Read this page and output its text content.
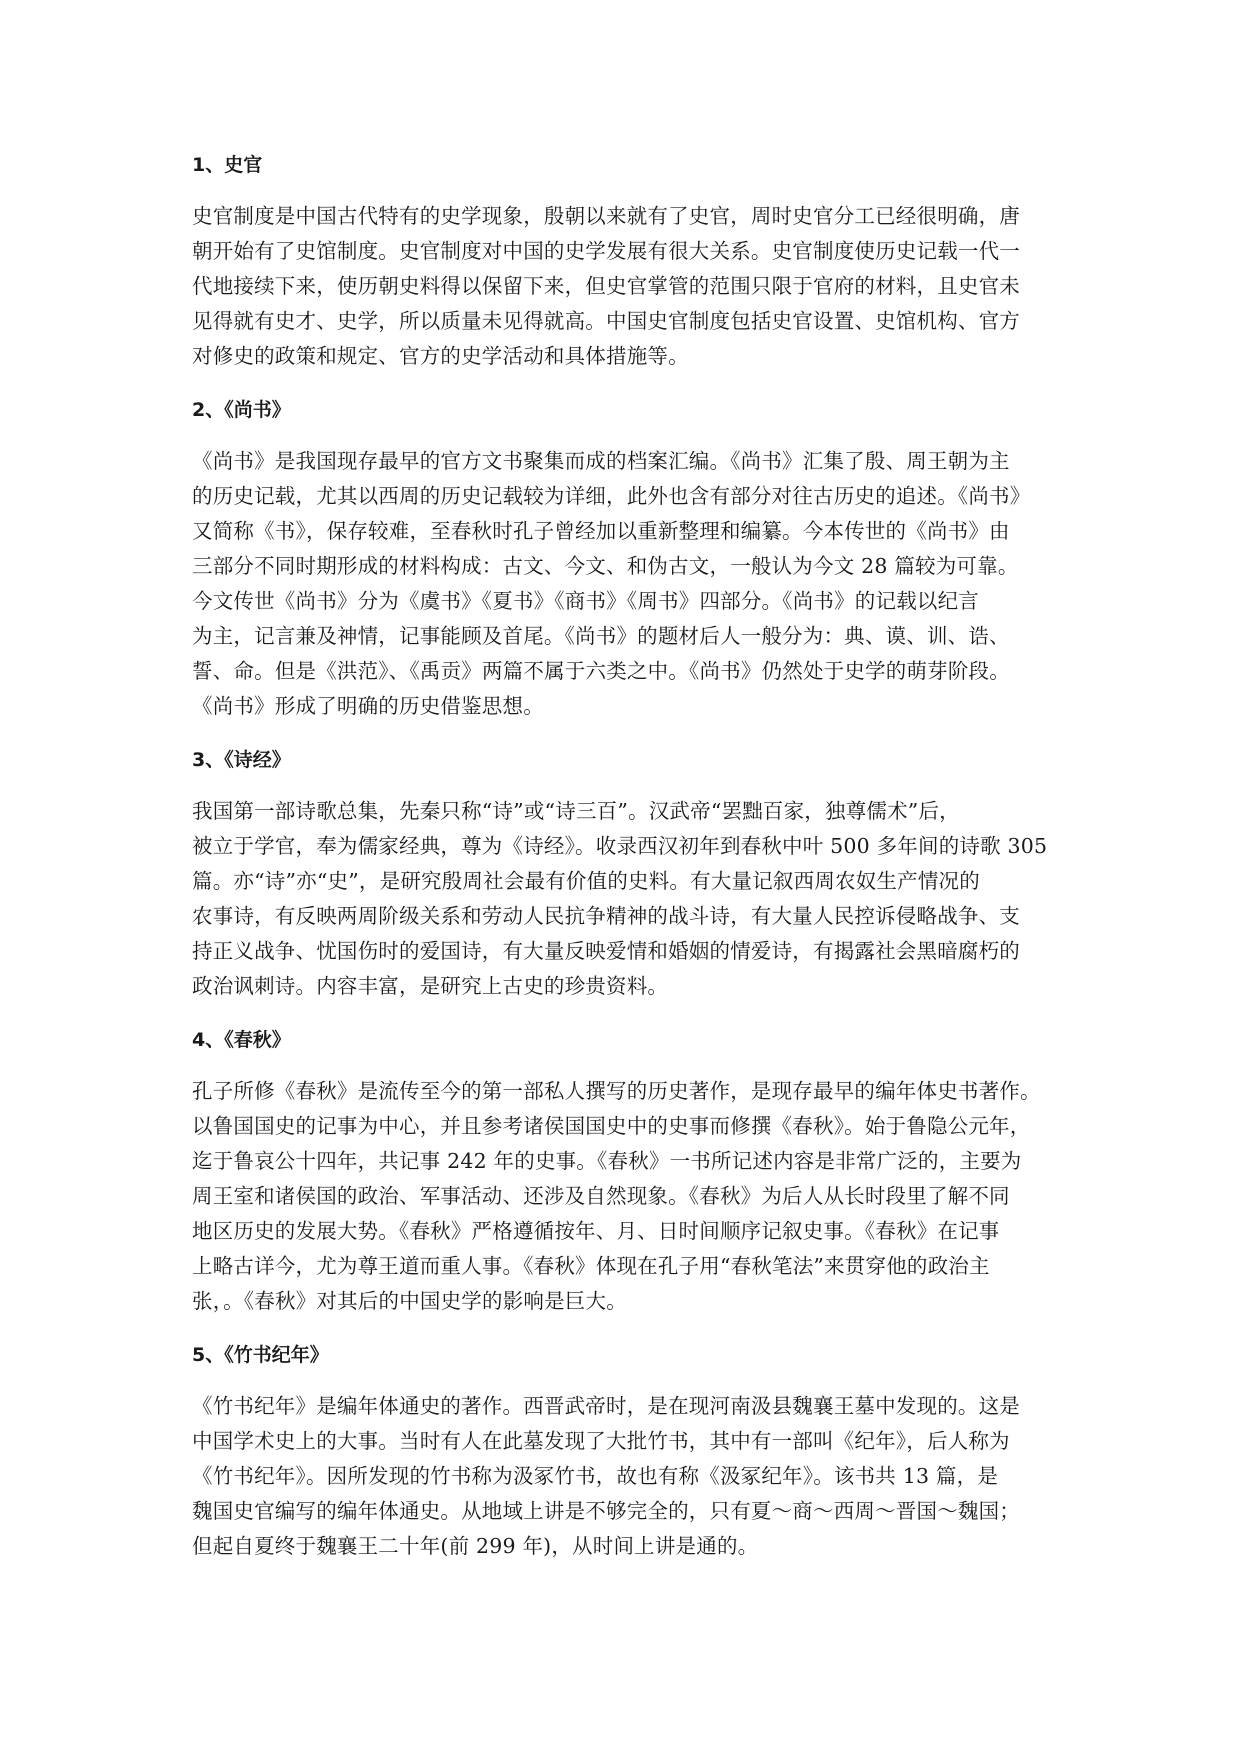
1、史官
史官制度是中国古代特有的史学现象，殷朝以来就有了史官，周时史官分工已经很明确，唐
朝开始有了史馆制度。史官制度对中国的史学发展有很大关系。史官制度使历史记载一代一
代地接续下来，使历朝史料得以保留下来，但史官掌管的范围只限于官府的材料，且史官未
见得就有史才、史学，所以质量未见得就高。中国史官制度包括史官设置、史馆机构、官方
对修史的政策和规定、官方的史学活动和具体措施等。
2、《尚书》
《尚书》是我国现存最早的官方文书聚集而成的档案汇编。《尚书》汇集了殷、周王朝为主
的历史记载，尤其以西周的历史记载较为详细，此外也含有部分对往古历史的追述。《尚书》
又简称《书》，保存较难，至春秋时孔子曾经加以重新整理和编纂。今本传世的《尚书》由
三部分不同时期形成的材料构成：古文、今文、和伪古文，一般认为今文 28 篇较为可靠。
今文传世《尚书》分为《虞书》《夏书》《商书》《周书》四部分。《尚书》的记载以纪言
为主，记言兼及神情，记事能顾及首尾。《尚书》的题材后人一般分为：典、谟、训、诰、
誓、命。但是《洪范》、《禹贡》两篇不属于六类之中。《尚书》仍然处于史学的萌芽阶段。
《尚书》形成了明确的历史借鉴思想。
3、《诗经》
我国第一部诗歌总集，先秦只称“诗”或“诗三百”。汉武帝“罢黜百家，独尊儒术”后，
被立于学官，奉为儒家经典，尊为《诗经》。收录西汉初年到春秋中叶 500 多年间的诗歌 305
篇。亦“诗”亦“史”，是研究殷周社会最有价值的史料。有大量记叙西周农奴生产情况的
农事诗，有反映两周阶级关系和劳动人民抗争精神的战斗诗，有大量人民控诉侵略战争、支
持正义战争、忧国伤时的爱国诗，有大量反映爱情和婚姻的情爱诗，有揭露社会黑暗腐朽的
政治讽刺诗。内容丰富，是研究上古史的珍贵资料。
4、《春秋》
孔子所修《春秋》是流传至今的第一部私人撰写的历史著作，是现存最早的编年体史书著作。
以鲁国国史的记事为中心，并且参考诸侯国国史中的史事而修撰《春秋》。始于鲁隐公元年，
迄于鲁哀公十四年，共记事 242 年的史事。《春秋》一书所记述内容是非常广泛的，主要为
周王室和诸侯国的政治、军事活动、还涉及自然现象。《春秋》为后人从长时段里了解不同
地区历史的发展大势。《春秋》严格遵循按年、月、日时间顺序记叙史事。《春秋》在记事
上略古详今，尤为尊王道而重人事。《春秋》体现在孔子用“春秋笔法”来贯穿他的政治主
张，。《春秋》对其后的中国史学的影响是巨大。
5、《竹书纪年》
《竹书纪年》是编年体通史的著作。西晋武帝时，是在现河南汲县魏襄王墓中发现的。这是
中国学术史上的大事。当时有人在此墓发现了大批竹书，其中有一部叫《纪年》，后人称为
《竹书纪年》。因所发现的竹书称为汲冢竹书，故也有称《汲冢纪年》。该书共 13 篇，是
魏国史官编写的编年体通史。从地域上讲是不够完全的，只有夏～商～西周～晋国～魏国；
但起自夏终于魏襄王二十年(前 299 年)，从时间上讲是通的。
